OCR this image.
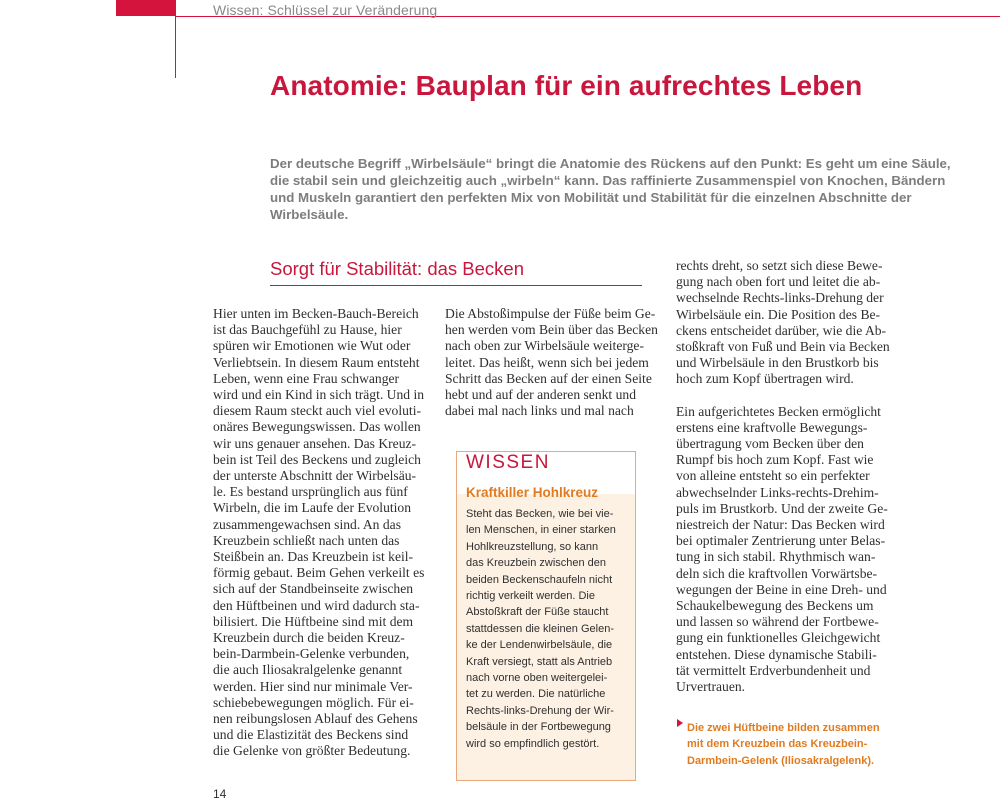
Wissen: Schlüssel zur Veränderung
Anatomie: Bauplan für ein aufrechtes Leben

Der deutsche Begriff „Wirbelsäule“ bringt die Anatomie des Rückens auf den Punkt: Es geht um eine Säule,
die stabil sein und gleichzeitig auch „wirbeln“ kann. Das raffinierte Zusammenspiel von Knochen, Bändern
und Muskeln garantiert den perfekten Mix von Mobilität und Stabilität für die einzelnen Abschnitte der
Wirbelsäule.

Sorgt für Stabilität: das Becken
Hier unten im Becken-Bauch-Bereich
ist das Bauchgefühl zu Hause, hier
spüren wir Emotionen wie Wut oder
Verliebtsein. In diesem Raum entsteht
Leben, wenn eine Frau schwanger
wird und ein Kind in sich trägt. Und in
diesem Raum steckt auch viel evoluti-
onäres Bewegungswissen. Das wollen
wir uns genauer ansehen. Das Kreuz-
bein ist Teil des Beckens und zugleich
der unterste Abschnitt der Wirbelsäu-
le. Es bestand ursprünglich aus fünf
Wirbeln, die im Laufe der Evolution
zusammengewachsen sind. An das
Kreuzbein schließt nach unten das
Steißbein an. Das Kreuzbein ist keil-
förmig gebaut. Beim Gehen verkeilt es
sich auf der Standbeinseite zwischen
den Hüftbeinen und wird dadurch sta-
bilisiert. Die Hüftbeine sind mit dem
Kreuzbein durch die beiden Kreuz-
bein-Darmbein-Gelenke verbunden,
die auch Iliosakralgelenke genannt
werden. Hier sind nur minimale Ver-
schiebebewegungen möglich. Für ei-
nen reibungslosen Ablauf des Gehens
und die Elastizität des Beckens sind
die Gelenke von größter Bedeutung.
Die Abstoßimpulse der Füße beim Ge-
hen werden vom Bein über das Becken
nach oben zur Wirbelsäule weiterge-
leitet. Das heißt, wenn sich bei jedem
Schritt das Becken auf der einen Seite
hebt und auf der anderen senkt und
dabei mal nach links und mal nach
WISSEN
Kraftkiller Hohlkreuz

Steht das Becken, wie bei vie-
len Menschen, in einer starken
Hohlkreuzstellung, so kann
das Kreuzbein zwischen den
beiden Beckenschaufeln nicht
richtig verkeilt werden. Die
Abstoßkraft der Füße staucht
stattdessen die kleinen Gelen-
ke der Lendenwirbelsäule, die
Kraft versiegt, statt als Antrieb
nach vorne oben weitergelei-
tet zu werden. Die natürliche
Rechts-links-Drehung der Wir-
belsäule in der Fortbewegung
wird so empfindlich gestört.

rechts dreht, so setzt sich diese Bewe-
gung nach oben fort und leitet die ab-
wechselnde Rechts-links-Drehung der
Wirbelsäule ein. Die Position des Be-
ckens entscheidet darüber, wie die Ab-
stoßkraft von Fuß und Bein via Becken
und Wirbelsäule in den Brustkorb bis
hoch zum Kopf übertragen wird.

Ein aufgerichtetes Becken ermöglicht
erstens eine kraftvolle Bewegungs-
übertragung vom Becken über den
Rumpf bis hoch zum Kopf. Fast wie
von alleine entsteht so ein perfekter
abwechselnder Links-rechts-Drehim-
puls im Brustkorb. Und der zweite Ge-
niestreich der Natur: Das Becken wird
bei optimaler Zentrierung unter Belas-
tung in sich stabil. Rhythmisch wan-
deln sich die kraftvollen Vorwärtsbe-
wegungen der Beine in eine Dreh- und
Schaukelbewegung des Beckens um
und lassen so während der Fortbewe-
gung ein funktionelles Gleichgewicht
entstehen. Diese dynamische Stabili-
tät vermittelt Erdverbundenheit und
Urvertrauen.

Die zwei Hüftbeine bilden zusammen
mit dem Kreuzbein das Kreuzbein-
Darmbein-Gelenk (Iliosakralgelenk).

14
